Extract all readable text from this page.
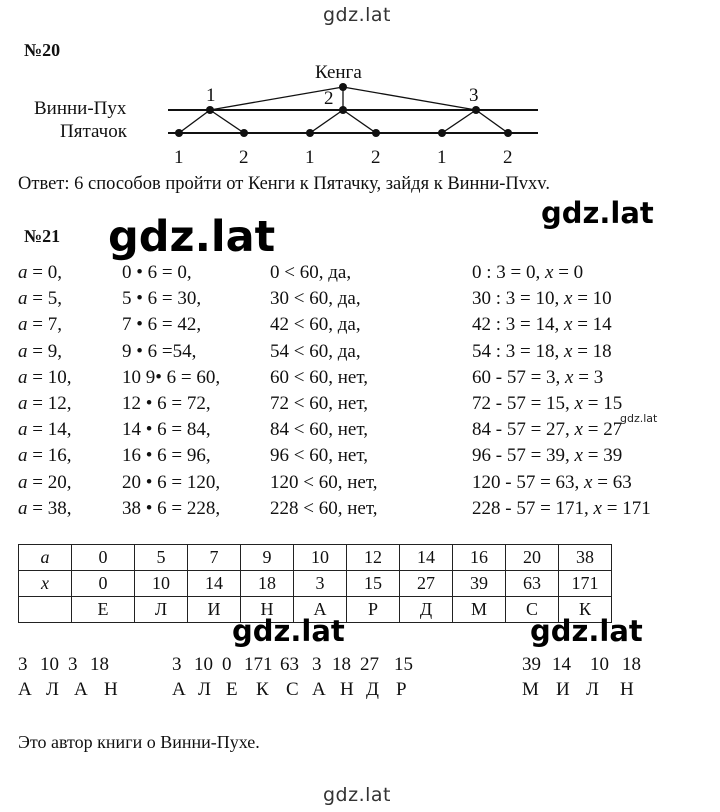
gdz.lat
gdz.lat
№20
Кенга
Винни-Пух
Пятачок
1	2	3
1	2	1	2	1	2
Ответ: 6 способов пройти от Кенги к Пятачку, зайдя к Винни-Пvхv.
gdz.lat
gdz.lat
№21
a = 0,	0 • 6 = 0,	0 < 60, да,	0 : 3 = 0, x = 0
a = 5,	5 • 6 = 30,	30 < 60, да,	30 : 3 = 10, x = 10
a = 7,	7 • 6 = 42,	42 < 60, да,	42 : 3 = 14, x = 14
a = 9,	9 • 6 =54,	54 < 60, да,	54 : 3 = 18, x = 18
a = 10,	10 9• 6 = 60,	60 < 60, нет,	60 - 57 = 3, x = 3
a = 12,	12 • 6 = 72,	72 < 60, нет,	72 - 57 = 15, x = 15
a = 14,	14 • 6 = 84,	84 < 60, нет,	84 - 57 = 27, x = 27
a = 16,	16 • 6 = 96,	96 < 60, нет,	96 - 57 = 39, x = 39
a = 20,	20 • 6 = 120,	120 < 60, нет,	120 - 57 = 63, x = 63
a = 38,	38 • 6 = 228,	228 < 60, нет,	228 - 57 = 171, x = 171
gdz.lat
a	0	5	7	9	10	12	14	16	20	38
x	0	10	14	18	3	15	27	39	63	171
	Е	Л	И	Н	А	Р	Д	М	С	К
gdz.lat	gdz.lat
3 10 3 18
А Л А Н
3 10 0 171 63 3 18 27 15
А Л Е К С А Н Д Р
39 14 10 18
М И Л Н
Это автор книги о Винни-Пухе.
